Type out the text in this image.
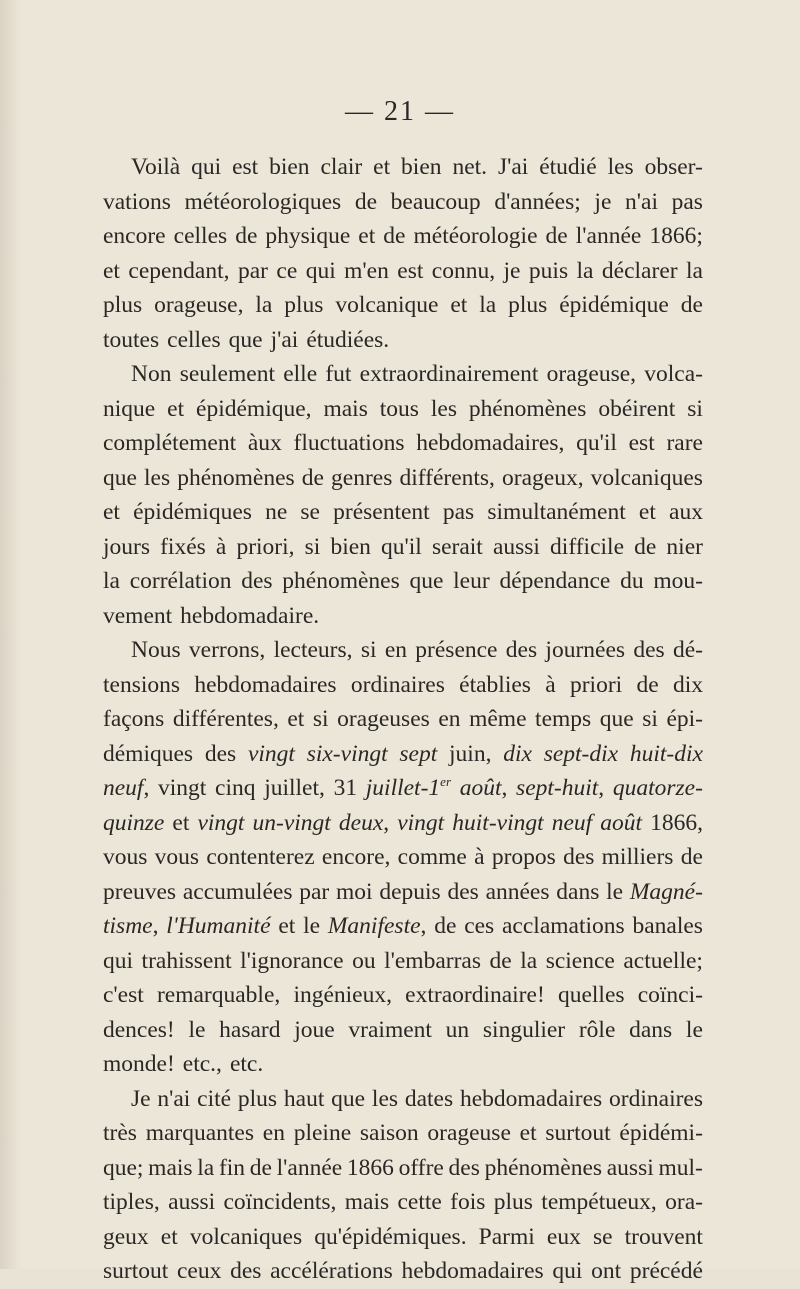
— 21 —
Voilà qui est bien clair et bien net. J'ai étudié les obser-
vations météorologiques de beaucoup d'années; je n'ai pas
encore celles de physique et de météorologie de l'année 1866;
et cependant, par ce qui m'en est connu, je puis la déclarer la
plus orageuse, la plus volcanique et la plus épidémique de
toutes celles que j'ai étudiées.
Non seulement elle fut extraordinairement orageuse, volca-
nique et épidémique, mais tous les phénomènes obéirent si
complétement àux fluctuations hebdomadaires, qu'il est rare
que les phénomènes de genres différents, orageux, volcaniques
et épidémiques ne se présentent pas simultanément et aux
jours fixés à priori, si bien qu'il serait aussi difficile de nier
la corrélation des phénomènes que leur dépendance du mou-
vement hebdomadaire.
Nous verrons, lecteurs, si en présence des journées des dé-
tensions hebdomadaires ordinaires établies à priori de dix
façons différentes, et si orageuses en même temps que si épi-
démiques des vingt six-vingt sept juin, dix sept-dix huit-dix
neuf, vingt cinq juillet, 31 juillet-1er août, sept-huit, quatorze-
quinze et vingt un-vingt deux, vingt huit-vingt neuf août 1866,
vous vous contenterez encore, comme à propos des milliers de
preuves accumulées par moi depuis des années dans le Magné-
tisme, l'Humanité et le Manifeste, de ces acclamations banales
qui trahissent l'ignorance ou l'embarras de la science actuelle;
c'est remarquable, ingénieux, extraordinaire! quelles coïnci-
dences! le hasard joue vraiment un singulier rôle dans le
monde! etc., etc.
Je n'ai cité plus haut que les dates hebdomadaires ordinaires
très marquantes en pleine saison orageuse et surtout épidémi-
que; mais la fin de l'année 1866 offre des phénomènes aussi mul-
tiples, aussi coïncidents, mais cette fois plus tempétueux, ora-
geux et volcaniques qu'épidémiques. Parmi eux se trouvent
surtout ceux des accélérations hebdomadaires qui ont précédé
